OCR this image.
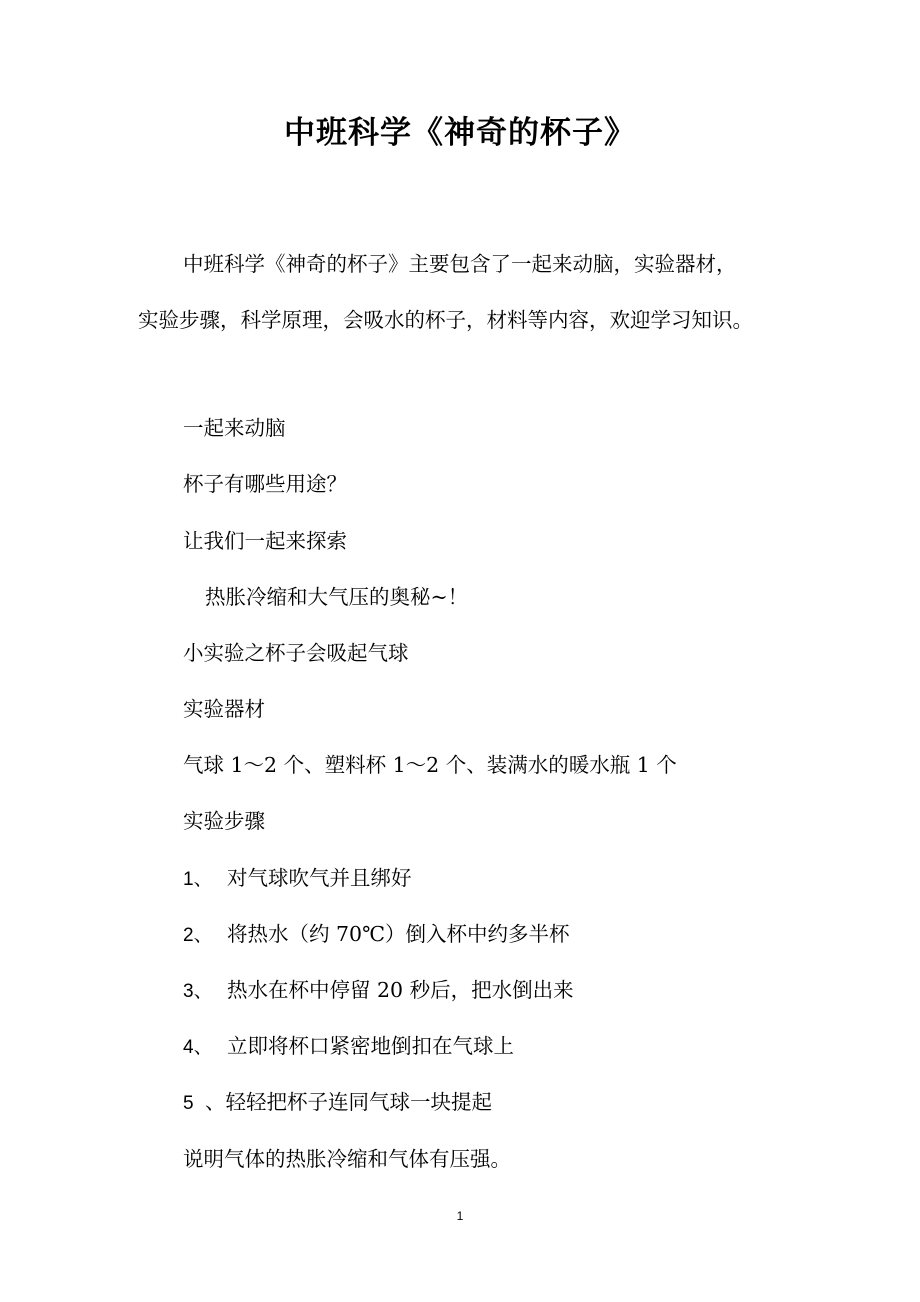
中班科学《神奇的杯子》
中班科学《神奇的杯子》主要包含了一起来动脑，实验器材，
实验步骤，科学原理，会吸水的杯子，材料等内容，欢迎学习知识。
一起来动脑
杯子有哪些用途？
让我们一起来探索
热胀冷缩和大气压的奥秘~！
小实验之杯子会吸起气球
实验器材
气球 1～2 个、塑料杯 1～2 个、装满水的暖水瓶 1 个
实验步骤
1、 对气球吹气并且绑好
2、 将热水（约 70℃）倒入杯中约多半杯
3、 热水在杯中停留 20 秒后，把水倒出来
4、 立即将杯口紧密地倒扣在气球上
5、轻轻把杯子连同气球一块提起
说明气体的热胀冷缩和气体有压强。
1
